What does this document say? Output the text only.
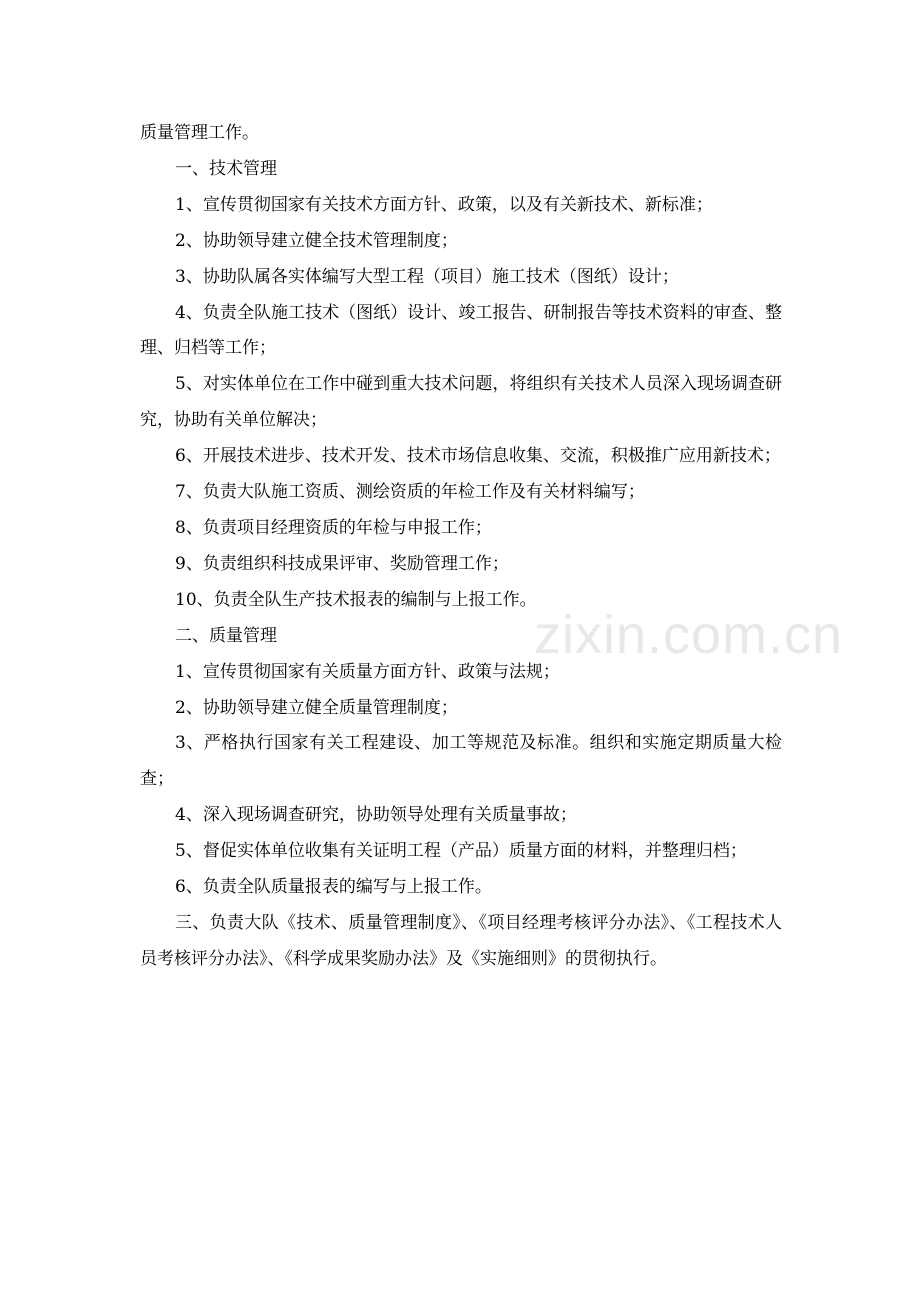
zixin.com.cn

质量管理工作。

一、技术管理

1、宣传贯彻国家有关技术方面方针、政策，以及有关新技术、新标准；

2、协助领导建立健全技术管理制度；

3、协助队属各实体编写大型工程（项目）施工技术（图纸）设计；

4、负责全队施工技术（图纸）设计、竣工报告、研制报告等技术资料的审查、整理、归档等工作；

5、对实体单位在工作中碰到重大技术问题，将组织有关技术人员深入现场调查研究，协助有关单位解决；

6、开展技术进步、技术开发、技术市场信息收集、交流，积极推广应用新技术；

7、负责大队施工资质、测绘资质的年检工作及有关材料编写；

8、负责项目经理资质的年检与申报工作；

9、负责组织科技成果评审、奖励管理工作；

10、负责全队生产技术报表的编制与上报工作。

二、质量管理

1、宣传贯彻国家有关质量方面方针、政策与法规；

2、协助领导建立健全质量管理制度；

3、严格执行国家有关工程建设、加工等规范及标准。组织和实施定期质量大检查；

4、深入现场调查研究，协助领导处理有关质量事故；

5、督促实体单位收集有关证明工程（产品）质量方面的材料，并整理归档；

6、负责全队质量报表的编写与上报工作。

三、负责大队《技术、质量管理制度》、《项目经理考核评分办法》、《工程技术人员考核评分办法》、《科学成果奖励办法》及《实施细则》的贯彻执行。
